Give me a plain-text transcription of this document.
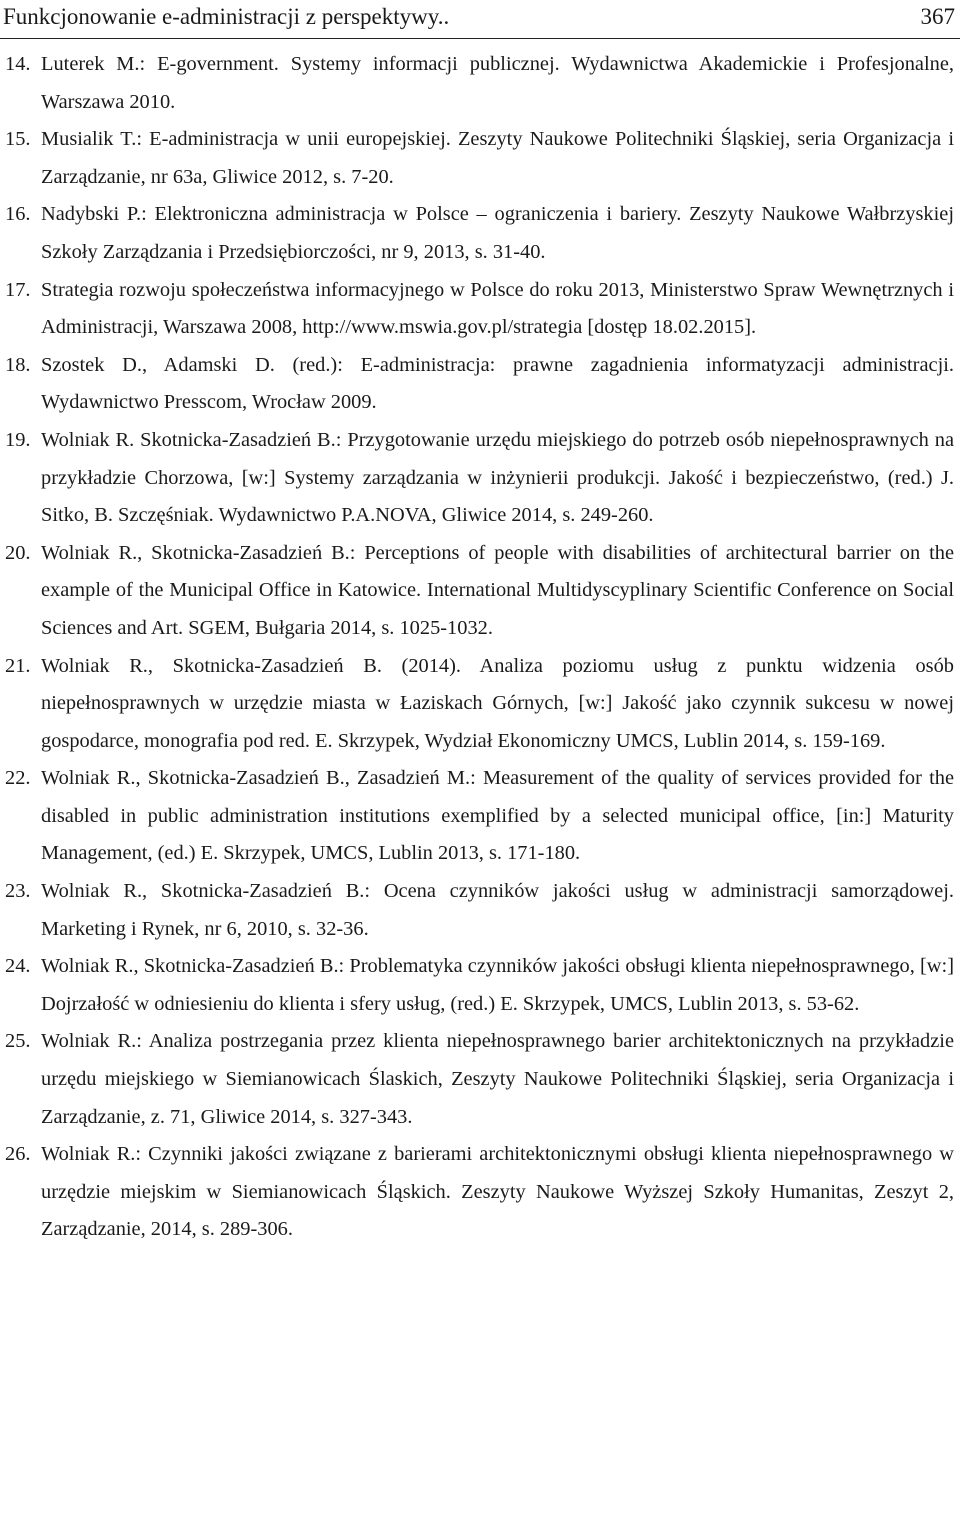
Funkcjonowanie e-administracji z perspektywy..	367
14. Luterek M.: E-government. Systemy informacji publicznej. Wydawnictwa Akademickie i Profesjonalne, Warszawa 2010.
15. Musialik T.: E-administracja w unii europejskiej. Zeszyty Naukowe Politechniki Śląskiej, seria Organizacja i Zarządzanie, nr 63a, Gliwice 2012, s. 7-20.
16. Nadybski P.: Elektroniczna administracja w Polsce – ograniczenia i bariery. Zeszyty Naukowe Wałbrzyskiej Szkoły Zarządzania i Przedsiębiorczości, nr 9, 2013, s. 31-40.
17. Strategia rozwoju społeczeństwa informacyjnego w Polsce do roku 2013, Ministerstwo Spraw Wewnętrznych i Administracji, Warszawa 2008, http://www.mswia.gov.pl/strategia [dostęp 18.02.2015].
18. Szostek D., Adamski D. (red.): E-administracja: prawne zagadnienia informatyzacji administracji. Wydawnictwo Presscom, Wrocław 2009.
19. Wolniak R. Skotnicka-Zasadzień B.: Przygotowanie urzędu miejskiego do potrzeb osób niepełnosprawnych na przykładzie Chorzowa, [w:] Systemy zarządzania w inżynierii produkcji. Jakość i bezpieczeństwo, (red.) J. Sitko, B. Szczęśniak. Wydawnictwo P.A.NOVA, Gliwice 2014, s. 249-260.
20. Wolniak R., Skotnicka-Zasadzień B.: Perceptions of people with disabilities of architectural barrier on the example of the Municipal Office in Katowice. International Multidyscyplinary Scientific Conference on Social Sciences and Art. SGEM, Bułgaria 2014, s. 1025-1032.
21. Wolniak R., Skotnicka-Zasadzień B. (2014). Analiza poziomu usług z punktu widzenia osób niepełnosprawnych w urzędzie miasta w Łaziskach Górnych, [w:] Jakość jako czynnik sukcesu w nowej gospodarce, monografia pod red. E. Skrzypek, Wydział Ekonomiczny UMCS, Lublin 2014, s. 159-169.
22. Wolniak R., Skotnicka-Zasadzień B., Zasadzień M.: Measurement of the quality of services provided for the disabled in public administration institutions exemplified by a selected municipal office, [in:] Maturity Management, (ed.) E. Skrzypek, UMCS, Lublin 2013, s. 171-180.
23. Wolniak R., Skotnicka-Zasadzień B.: Ocena czynników jakości usług w administracji samorządowej. Marketing i Rynek, nr 6, 2010, s. 32-36.
24. Wolniak R., Skotnicka-Zasadzień B.: Problematyka czynników jakości obsługi klienta niepełnosprawnego, [w:] Dojrzałość w odniesieniu do klienta i sfery usług, (red.) E. Skrzypek, UMCS, Lublin 2013, s. 53-62.
25. Wolniak R.: Analiza postrzegania przez klienta niepełnosprawnego barier architektonicznych na przykładzie urzędu miejskiego w Siemianowicach Ślaskich, Zeszyty Naukowe Politechniki Śląskiej, seria Organizacja i Zarządzanie, z. 71, Gliwice 2014, s. 327-343.
26. Wolniak R.: Czynniki jakości związane z barierami architektonicznymi obsługi klienta niepełnosprawnego w urzędzie miejskim w Siemianowicach Śląskich. Zeszyty Naukowe Wyższej Szkoły Humanitas, Zeszyt 2, Zarządzanie, 2014, s. 289-306.
